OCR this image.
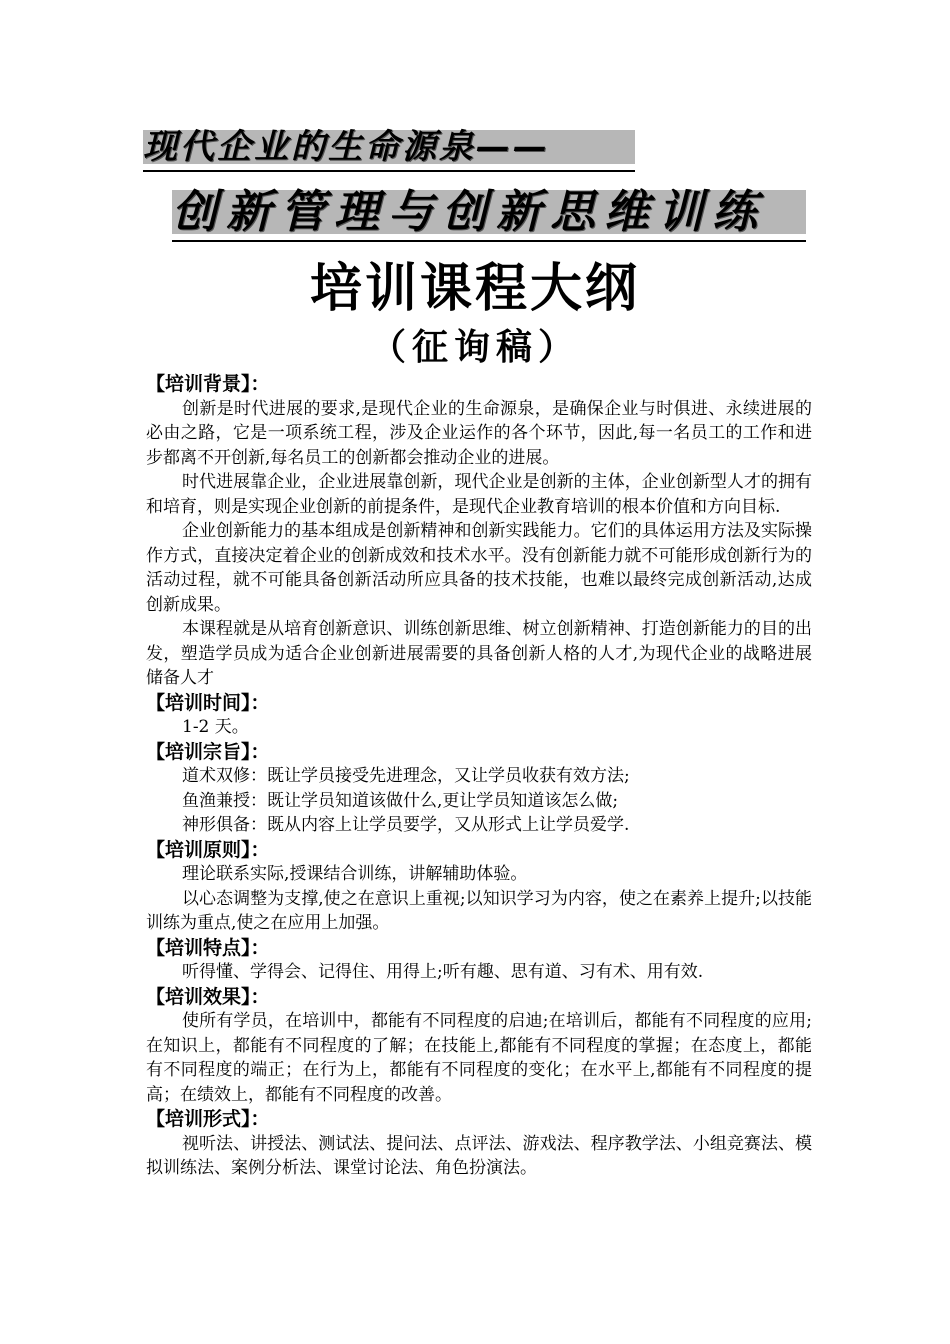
现代企业的生命源泉——
创新管理与创新思维训练
培训课程大纲
（征询稿）
【培训背景】：

创新是时代进展的要求,是现代企业的生命源泉，是确保企业与时俱进、永续进展的必由之路，它是一项系统工程，涉及企业运作的各个环节，因此,每一名员工的工作和进步都离不开创新,每名员工的创新都会推动企业的进展。

时代进展靠企业，企业进展靠创新，现代企业是创新的主体，企业创新型人才的拥有和培育，则是实现企业创新的前提条件，是现代企业教育培训的根本价值和方向目标.

企业创新能力的基本组成是创新精神和创新实践能力。它们的具体运用方法及实际操作方式，直接决定着企业的创新成效和技术水平。没有创新能力就不可能形成创新行为的活动过程，就不可能具备创新活动所应具备的技术技能，也难以最终完成创新活动,达成创新成果。

本课程就是从培育创新意识、训练创新思维、树立创新精神、打造创新能力的目的出发，塑造学员成为适合企业创新进展需要的具备创新人格的人才,为现代企业的战略进展储备人才

【培训时间】：

1-2 天。

【培训宗旨】：

道术双修：既让学员接受先进理念，又让学员收获有效方法;

鱼渔兼授：既让学员知道该做什么,更让学员知道该怎么做;

神形俱备：既从内容上让学员要学，又从形式上让学员爱学.

【培训原则】：

理论联系实际,授课结合训练，讲解辅助体验。

以心态调整为支撑,使之在意识上重视;以知识学习为内容，使之在素养上提升;以技能训练为重点,使之在应用上加强。

【培训特点】：

听得懂、学得会、记得住、用得上;听有趣、思有道、习有术、用有效.

【培训效果】：

使所有学员，在培训中，都能有不同程度的启迪;在培训后，都能有不同程度的应用;在知识上，都能有不同程度的了解；在技能上,都能有不同程度的掌握；在态度上，都能有不同程度的端正；在行为上，都能有不同程度的变化；在水平上,都能有不同程度的提高；在绩效上，都能有不同程度的改善。

【培训形式】：

视听法、讲授法、测试法、提问法、点评法、游戏法、程序教学法、小组竞赛法、模拟训练法、案例分析法、课堂讨论法、角色扮演法。
